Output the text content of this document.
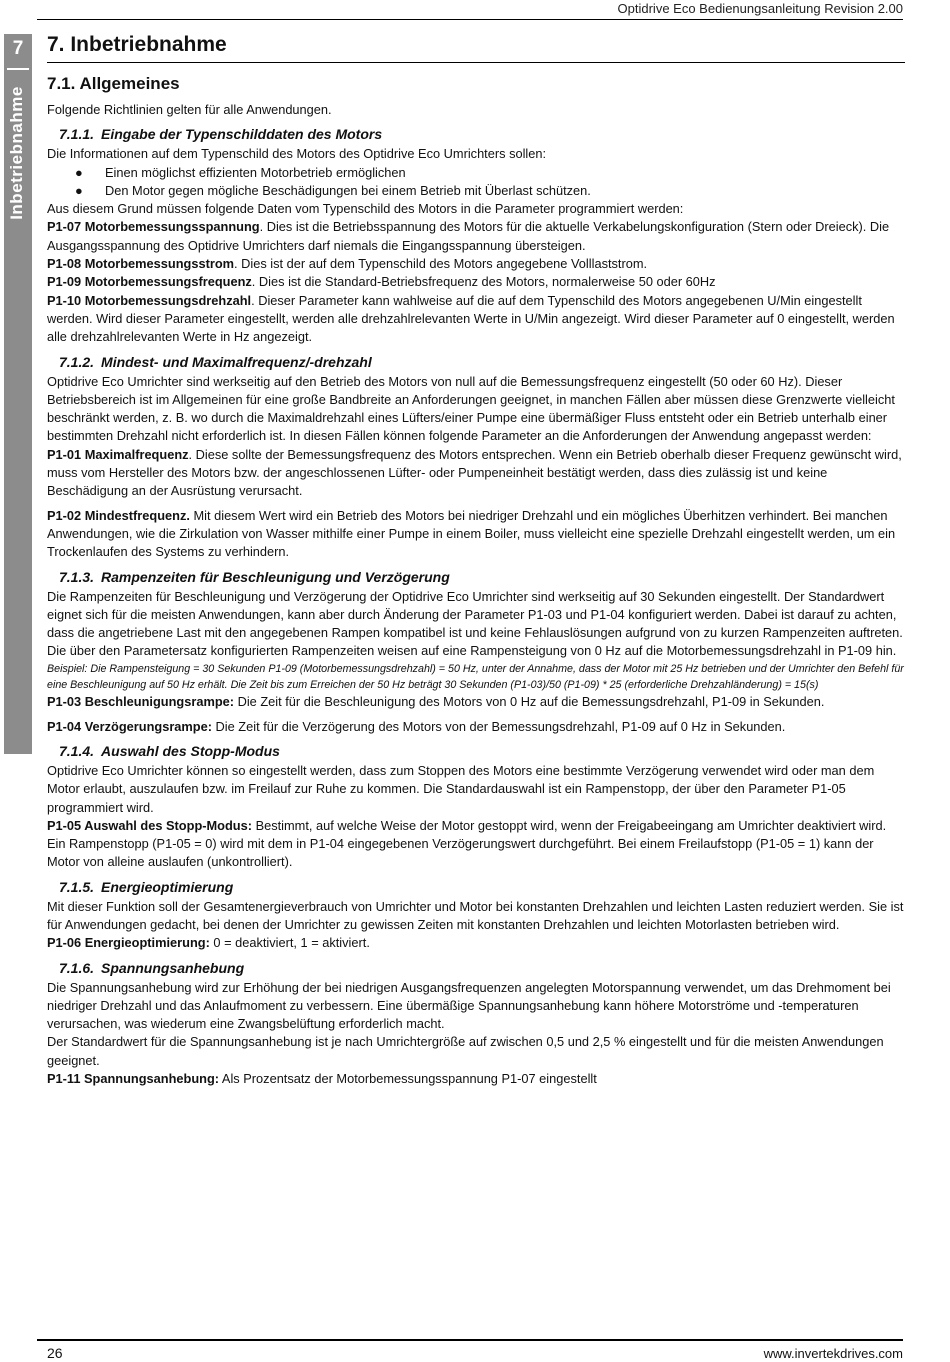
Optidrive Eco Bedienungsanleitung Revision 2.00
7
Inbetriebnahme
7. Inbetriebnahme
7.1. Allgemeines

Folgende Richtlinien gelten für alle Anwendungen.

7.1.1. Eingabe der Typenschilddaten des Motors

Die Informationen auf dem Typenschild des Motors des Optidrive Eco Umrichters sollen:

● Einen möglichst effizienten Motorbetrieb ermöglichen
● Den Motor gegen mögliche Beschädigungen bei einem Betrieb mit Überlast schützen.

Aus diesem Grund müssen folgende Daten vom Typenschild des Motors in die Parameter programmiert werden:

P1-07 Motorbemessungsspannung. Dies ist die Betriebsspannung des Motors für die aktuelle Verkabelungskonfiguration (Stern oder Dreieck). Die Ausgangsspannung des Optidrive Umrichters darf niemals die Eingangsspannung übersteigen.

P1-08 Motorbemessungsstrom. Dies ist der auf dem Typenschild des Motors angegebene Volllaststrom.

P1-09 Motorbemessungsfrequenz. Dies ist die Standard-Betriebsfrequenz des Motors, normalerweise 50 oder 60Hz

P1-10 Motorbemessungsdrehzahl. Dieser Parameter kann wahlweise auf die auf dem Typenschild des Motors angegebenen U/Min eingestellt werden. Wird dieser Parameter eingestellt, werden alle drehzahlrelevanten Werte in U/Min angezeigt. Wird dieser Parameter auf 0 eingestellt, werden alle drehzahlrelevanten Werte in Hz angezeigt.

7.1.2. Mindest- und Maximalfrequenz/-drehzahl

Optidrive Eco Umrichter sind werkseitig auf den Betrieb des Motors von null auf die Bemessungsfrequenz eingestellt (50 oder 60 Hz). Dieser Betriebsbereich ist im Allgemeinen für eine große Bandbreite an Anforderungen geeignet, in manchen Fällen aber müssen diese Grenzwerte vielleicht beschränkt werden, z. B. wo durch die Maximaldrehzahl eines Lüfters/einer Pumpe eine übermäßiger Fluss entsteht oder ein Betrieb unterhalb einer bestimmten Drehzahl nicht erforderlich ist. In diesen Fällen können folgende Parameter an die Anforderungen der Anwendung angepasst werden:

P1-01 Maximalfrequenz. Diese sollte der Bemessungsfrequenz des Motors entsprechen. Wenn ein Betrieb oberhalb dieser Frequenz gewünscht wird, muss vom Hersteller des Motors bzw. der angeschlossenen Lüfter- oder Pumpeneinheit bestätigt werden, dass dies zulässig ist und keine Beschädigung an der Ausrüstung verursacht.

P1-02 Mindestfrequenz. Mit diesem Wert wird ein Betrieb des Motors bei niedriger Drehzahl und ein mögliches Überhitzen verhindert. Bei manchen Anwendungen, wie die Zirkulation von Wasser mithilfe einer Pumpe in einem Boiler, muss vielleicht eine spezielle Drehzahl eingestellt werden, um ein Trockenlaufen des Systems zu verhindern.

7.1.3. Rampenzeiten für Beschleunigung und Verzögerung

Die Rampenzeiten für Beschleunigung und Verzögerung der Optidrive Eco Umrichter sind werkseitig auf 30 Sekunden eingestellt. Der Standardwert eignet sich für die meisten Anwendungen, kann aber durch Änderung der Parameter P1-03 und P1-04 konfiguriert werden. Dabei ist darauf zu achten, dass die angetriebene Last mit den angegebenen Rampen kompatibel ist und keine Fehlauslösungen aufgrund von zu kurzen Rampenzeiten auftreten.

Die über den Parametersatz konfigurierten Rampenzeiten weisen auf eine Rampensteigung von 0 Hz auf die Motorbemessungsdrehzahl in P1-09 hin.

Beispiel: Die Rampensteigung = 30 Sekunden P1-09 (Motorbemessungsdrehzahl) = 50 Hz, unter der Annahme, dass der Motor mit 25 Hz betrieben und der Umrichter den Befehl für eine Beschleunigung auf 50 Hz erhält. Die Zeit bis zum Erreichen der 50 Hz beträgt 30 Sekunden (P1-03)/50 (P1-09) * 25 (erforderliche Drehzahländerung) = 15(s)

P1-03 Beschleunigungsrampe: Die Zeit für die Beschleunigung des Motors von 0 Hz auf die Bemessungsdrehzahl, P1-09 in Sekunden.

P1-04 Verzögerungsrampe: Die Zeit für die Verzögerung des Motors von der Bemessungsdrehzahl, P1-09 auf 0 Hz in Sekunden.

7.1.4. Auswahl des Stopp-Modus

Optidrive Eco Umrichter können so eingestellt werden, dass zum Stoppen des Motors eine bestimmte Verzögerung verwendet wird oder man dem Motor erlaubt, auszulaufen bzw. im Freilauf zur Ruhe zu kommen. Die Standardauswahl ist ein Rampenstopp, der über den Parameter P1-05 programmiert wird.

P1-05 Auswahl des Stopp-Modus: Bestimmt, auf welche Weise der Motor gestoppt wird, wenn der Freigabeeingang am Umrichter deaktiviert wird. Ein Rampenstopp (P1-05 = 0) wird mit dem in P1-04 eingegebenen Verzögerungswert durchgeführt. Bei einem Freilaufstopp (P1-05 = 1) kann der Motor von alleine auslaufen (unkontrolliert).

7.1.5. Energieoptimierung

Mit dieser Funktion soll der Gesamtenergieverbrauch von Umrichter und Motor bei konstanten Drehzahlen und leichten Lasten reduziert werden. Sie ist für Anwendungen gedacht, bei denen der Umrichter zu gewissen Zeiten mit konstanten Drehzahlen und leichten Motorlasten betrieben wird.

P1-06 Energieoptimierung: 0 = deaktiviert, 1 = aktiviert.

7.1.6. Spannungsanhebung

Die Spannungsanhebung wird zur Erhöhung der bei niedrigen Ausgangsfrequenzen angelegten Motorspannung verwendet, um das Drehmoment bei niedriger Drehzahl und das Anlaufmoment zu verbessern. Eine übermäßige Spannungsanhebung kann höhere Motorströme und -temperaturen verursachen, was wiederum eine Zwangsbelüftung erforderlich macht.

Der Standardwert für die Spannungsanhebung ist je nach Umrichtergröße auf zwischen 0,5 und 2,5 % eingestellt und für die meisten Anwendungen geeignet.

P1-11 Spannungsanhebung: Als Prozentsatz der Motorbemessungsspannung P1-07 eingestellt

26	www.invertekdrives.com
